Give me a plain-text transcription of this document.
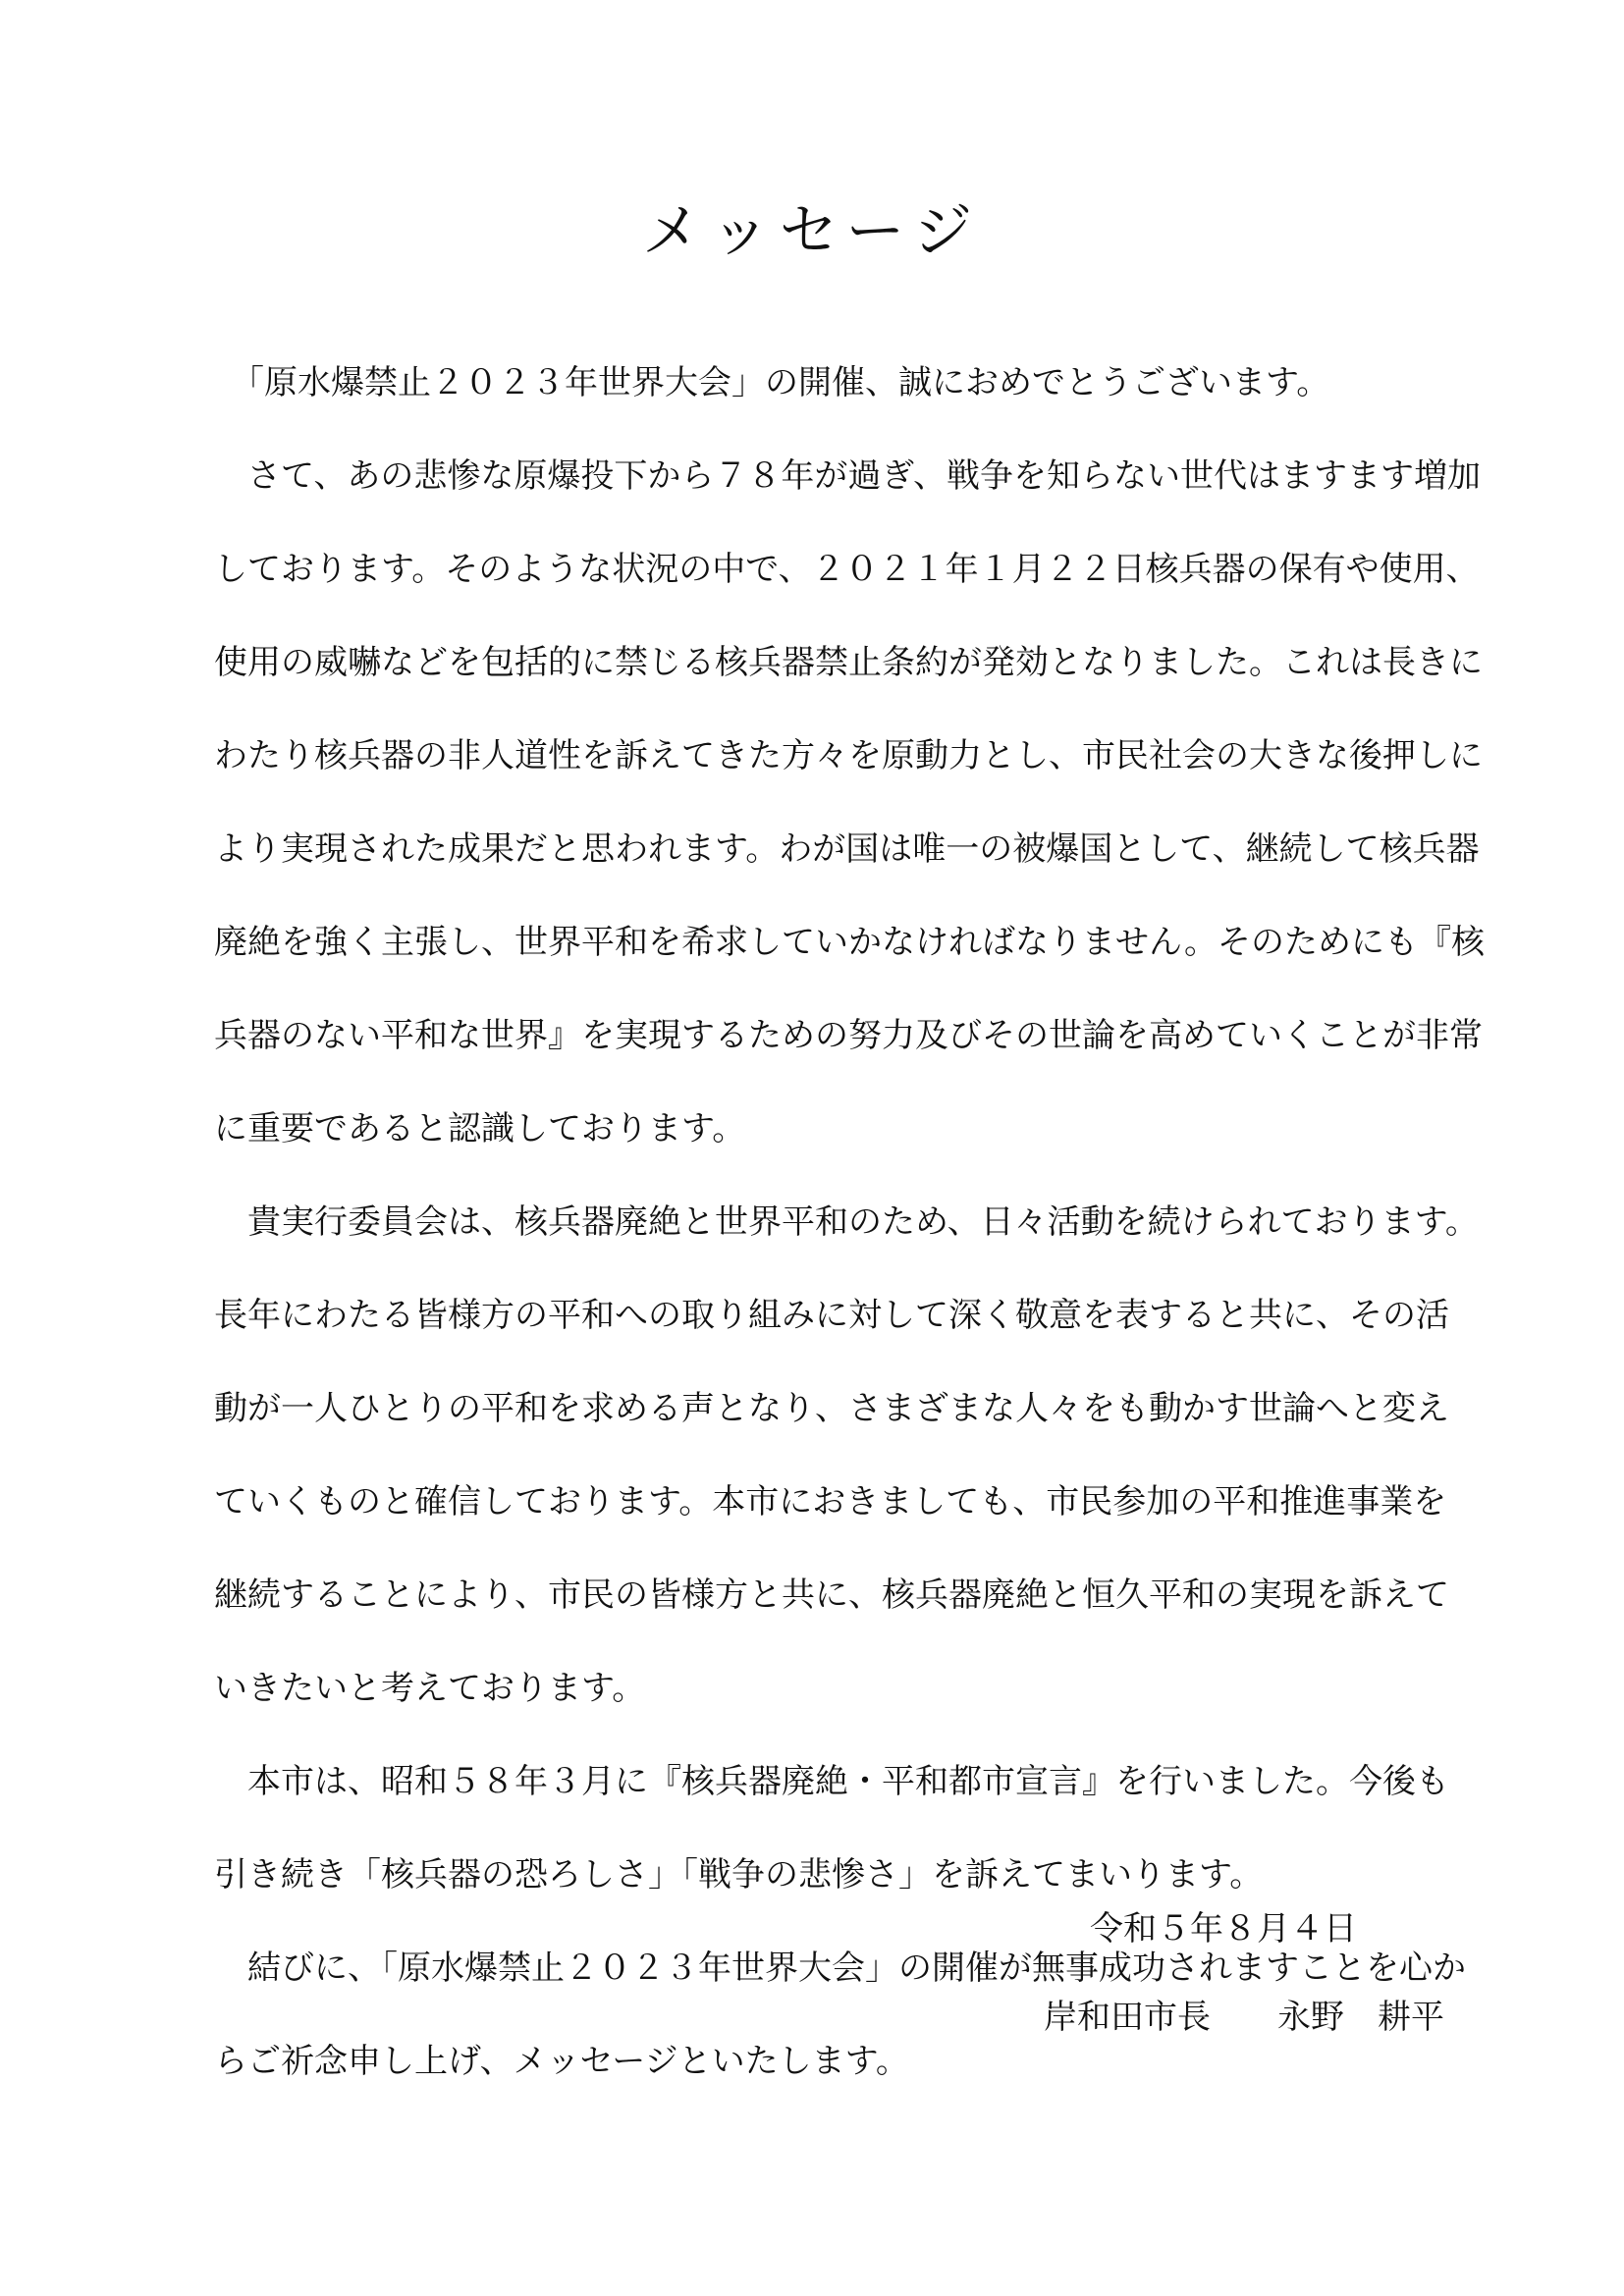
メッセージ
　「原水爆禁止２０２３年世界大会」の開催、誠におめでとうございます。
　さて、あの悲惨な原爆投下から７８年が過ぎ、戦争を知らない世代はますます増加
しております。そのような状況の中で、２０２１年１月２２日核兵器の保有や使用、
使用の威嚇などを包括的に禁じる核兵器禁止条約が発効となりました。これは長きに
わたり核兵器の非人道性を訴えてきた方々を原動力とし、市民社会の大きな後押しに
より実現された成果だと思われます。わが国は唯一の被爆国として、継続して核兵器
廃絶を強く主張し、世界平和を希求していかなければなりません。そのためにも『核
兵器のない平和な世界』を実現するための努力及びその世論を高めていくことが非常
に重要であると認識しております。
　貴実行委員会は、核兵器廃絶と世界平和のため、日々活動を続けられております。
長年にわたる皆様方の平和への取り組みに対して深く敬意を表すると共に、その活
動が一人ひとりの平和を求める声となり、さまざまな人々をも動かす世論へと変え
ていくものと確信しております。本市におきましても、市民参加の平和推進事業を
継続することにより、市民の皆様方と共に、核兵器廃絶と恒久平和の実現を訴えて
いきたいと考えております。
　本市は、昭和５８年３月に『核兵器廃絶・平和都市宣言』を行いました。今後も
引き続き「核兵器の恐ろしさ」「戦争の悲惨さ」を訴えてまいります。
　結びに、「原水爆禁止２０２３年世界大会」の開催が無事成功されますことを心か
らご祈念申し上げ、メッセージといたします。
令和５年８月４日
岸和田市長　　永野　耕平
